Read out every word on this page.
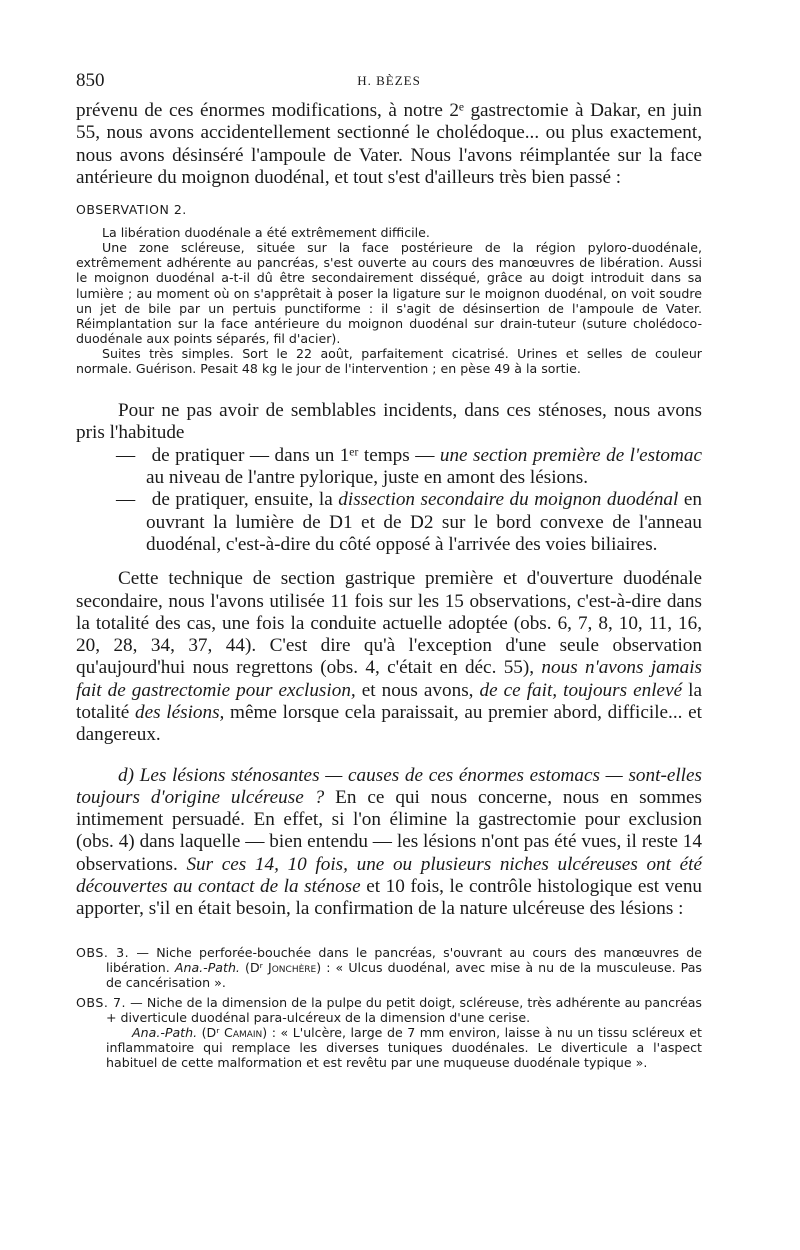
850	H. BÈZES

prévenu de ces énormes modifications, à notre 2ᵉ gastrectomie à Dakar, en juin 55, nous avons accidentellement sectionné le cholédoque... ou plus exactement, nous avons désinséré l'ampoule de Vater. Nous l'avons réimplantée sur la face antérieure du moignon duodénal, et tout s'est d'ailleurs très bien passé :

OBSERVATION 2.

La libération duodénale a été extrêmement difficile.

Une zone scléreuse, située sur la face postérieure de la région pyloro-duodénale, extrêmement adhérente au pancréas, s'est ouverte au cours des manœuvres de libération. Aussi le moignon duodénal a-t-il dû être secondairement disséqué, grâce au doigt introduit dans sa lumière ; au moment où on s'apprêtait à poser la ligature sur le moignon duodénal, on voit soudre un jet de bile par un pertuis punctiforme : il s'agit de désinsertion de l'ampoule de Vater. Réimplantation sur la face antérieure du moignon duodénal sur drain-tuteur (suture cholédoco-duodénale aux points séparés, fil d'acier).

Suites très simples. Sort le 22 août, parfaitement cicatrisé. Urines et selles de couleur normale. Guérison. Pesait 48 kg le jour de l'intervention ; en pèse 49 à la sortie.

Pour ne pas avoir de semblables incidents, dans ces sténoses, nous avons pris l'habitude

— de pratiquer — dans un 1ᵉʳ temps — une section première de l'estomac au niveau de l'antre pylorique, juste en amont des lésions.

— de pratiquer, ensuite, la dissection secondaire du moignon duodénal en ouvrant la lumière de D1 et de D2 sur le bord convexe de l'anneau duodénal, c'est-à-dire du côté opposé à l'arrivée des voies biliaires.

Cette technique de section gastrique première et d'ouverture duodénale secondaire, nous l'avons utilisée 11 fois sur les 15 observations, c'est-à-dire dans la totalité des cas, une fois la conduite actuelle adoptée (obs. 6, 7, 8, 10, 11, 16, 20, 28, 34, 37, 44). C'est dire qu'à l'exception d'une seule observation qu'aujourd'hui nous regrettons (obs. 4, c'était en déc. 55), nous n'avons jamais fait de gastrectomie pour exclusion, et nous avons, de ce fait, toujours enlevé la totalité des lésions, même lorsque cela paraissait, au premier abord, difficile... et dangereux.

d) Les lésions sténosantes — causes de ces énormes estomacs — sont-elles toujours d'origine ulcéreuse ? En ce qui nous concerne, nous en sommes intimement persuadé. En effet, si l'on élimine la gastrectomie pour exclusion (obs. 4) dans laquelle — bien entendu — les lésions n'ont pas été vues, il reste 14 observations. Sur ces 14, 10 fois, une ou plusieurs niches ulcéreuses ont été découvertes au contact de la sténose et 10 fois, le contrôle histologique est venu apporter, s'il en était besoin, la confirmation de la nature ulcéreuse des lésions :

OBS. 3. — Niche perforée-bouchée dans le pancréas, s'ouvrant au cours des manœuvres de libération. Ana.-Path. (Dʳ Jonchère) : « Ulcus duodénal, avec mise à nu de la musculeuse. Pas de cancérisation ».

OBS. 7. — Niche de la dimension de la pulpe du petit doigt, scléreuse, très adhérente au pancréas + diverticule duodénal para-ulcéreux de la dimension d'une cerise.
Ana.-Path. (Dʳ Camain) : « L'ulcère, large de 7 mm environ, laisse à nu un tissu scléreux et inflammatoire qui remplace les diverses tuniques duodénales. Le diverticule a l'aspect habituel de cette malformation et est revêtu par une muqueuse duodénale typique ».
